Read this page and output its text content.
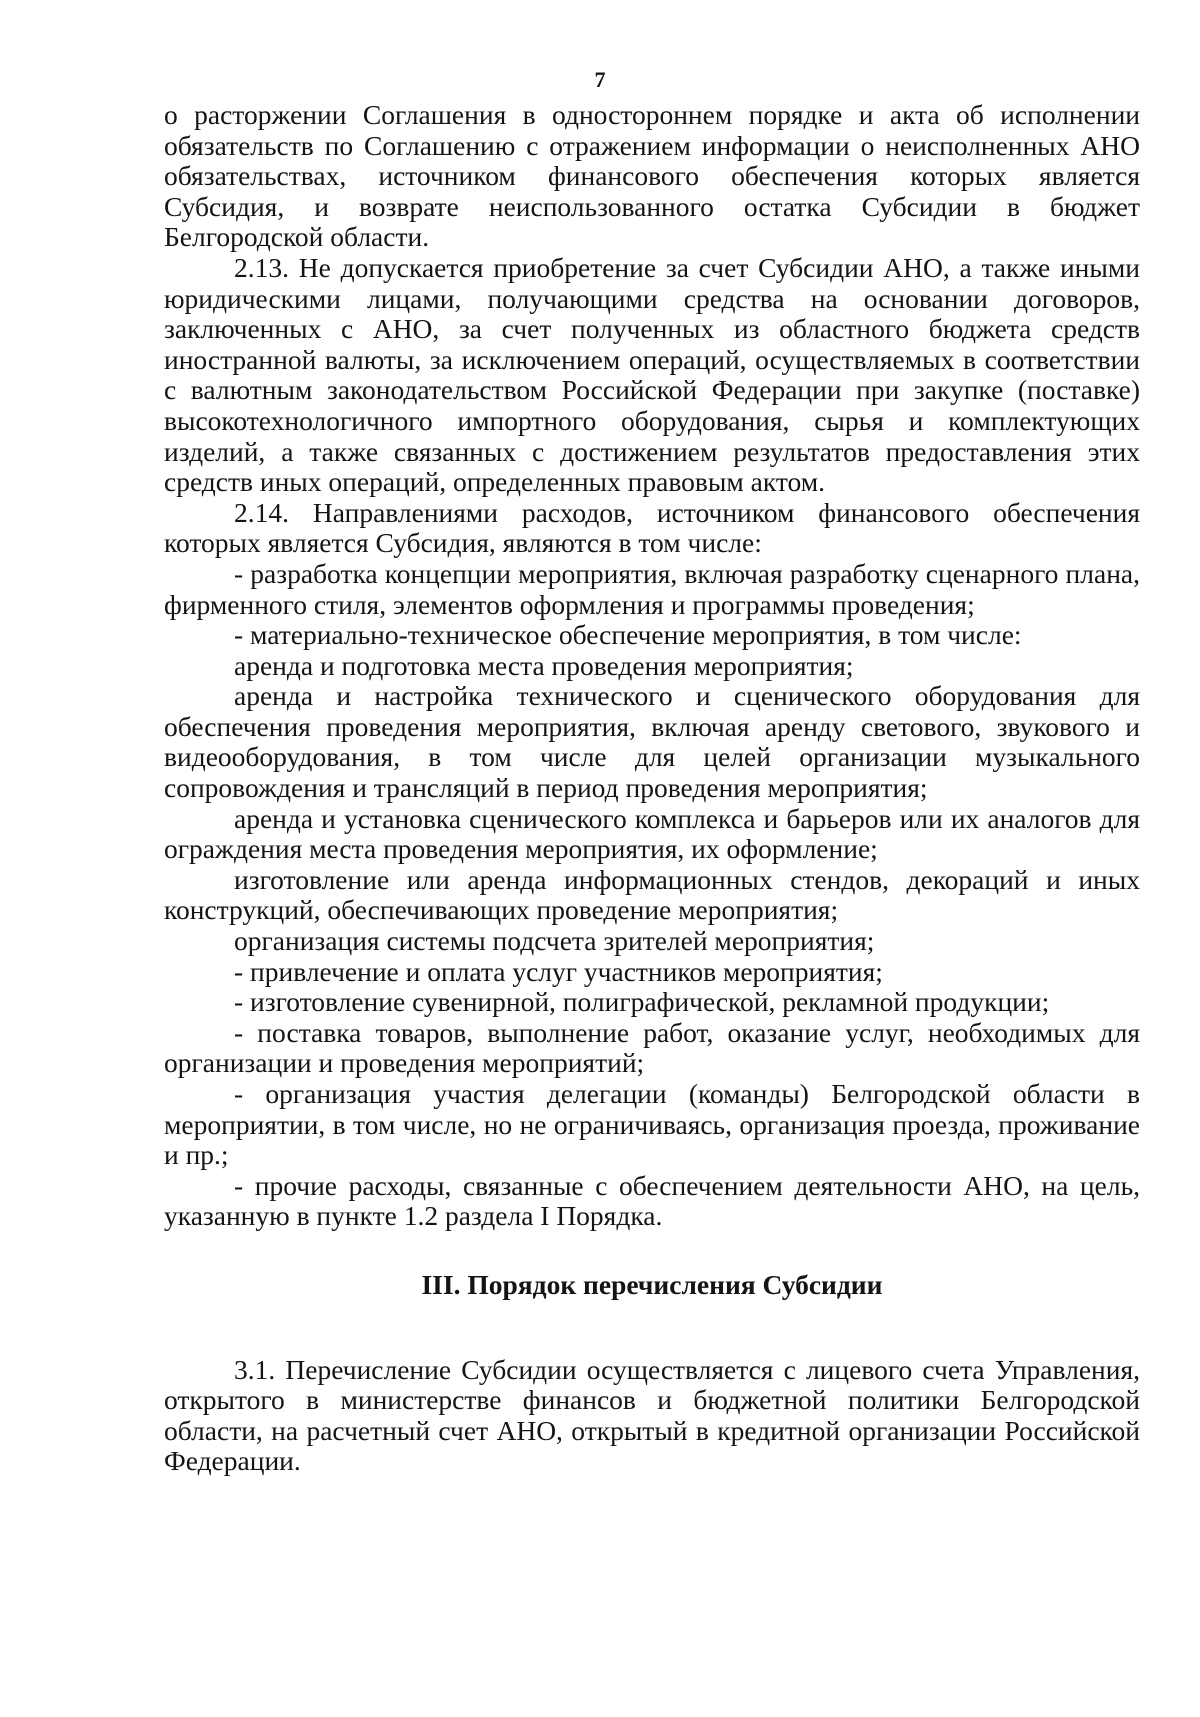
7

о расторжении Соглашения в одностороннем порядке и акта об исполнении обязательств по Соглашению с отражением информации о неисполненных АНО обязательствах, источником финансового обеспечения которых является Субсидия, и возврате неиспользованного остатка Субсидии в бюджет Белгородской области.

2.13. Не допускается приобретение за счет Субсидии АНО, а также иными юридическими лицами, получающими средства на основании договоров, заключенных с АНО, за счет полученных из областного бюджета средств иностранной валюты, за исключением операций, осуществляемых в соответствии с валютным законодательством Российской Федерации при закупке (поставке) высокотехнологичного импортного оборудования, сырья и комплектующих изделий, а также связанных с достижением результатов предоставления этих средств иных операций, определенных правовым актом.

2.14. Направлениями расходов, источником финансового обеспечения которых является Субсидия, являются в том числе:

- разработка концепции мероприятия, включая разработку сценарного плана, фирменного стиля, элементов оформления и программы проведения;

- материально-техническое обеспечение мероприятия, в том числе:

аренда и подготовка места проведения мероприятия;

аренда и настройка технического и сценического оборудования для обеспечения проведения мероприятия, включая аренду светового, звукового и видеооборудования, в том числе для целей организации музыкального сопровождения и трансляций в период проведения мероприятия;

аренда и установка сценического комплекса и барьеров или их аналогов для ограждения места проведения мероприятия, их оформление;

изготовление или аренда информационных стендов, декораций и иных конструкций, обеспечивающих проведение мероприятия;

организация системы подсчета зрителей мероприятия;

- привлечение и оплата услуг участников мероприятия;

- изготовление сувенирной, полиграфической, рекламной продукции;

- поставка товаров, выполнение работ, оказание услуг, необходимых для организации и проведения мероприятий;

- организация участия делегации (команды) Белгородской области в мероприятии, в том числе, но не ограничиваясь, организация проезда, проживание и пр.;

- прочие расходы, связанные с обеспечением деятельности АНО, на цель, указанную в пункте 1.2 раздела I Порядка.

III. Порядок перечисления Субсидии

3.1. Перечисление Субсидии осуществляется с лицевого счета Управления, открытого в министерстве финансов и бюджетной политики Белгородской области, на расчетный счет АНО, открытый в кредитной организации Российской Федерации.
